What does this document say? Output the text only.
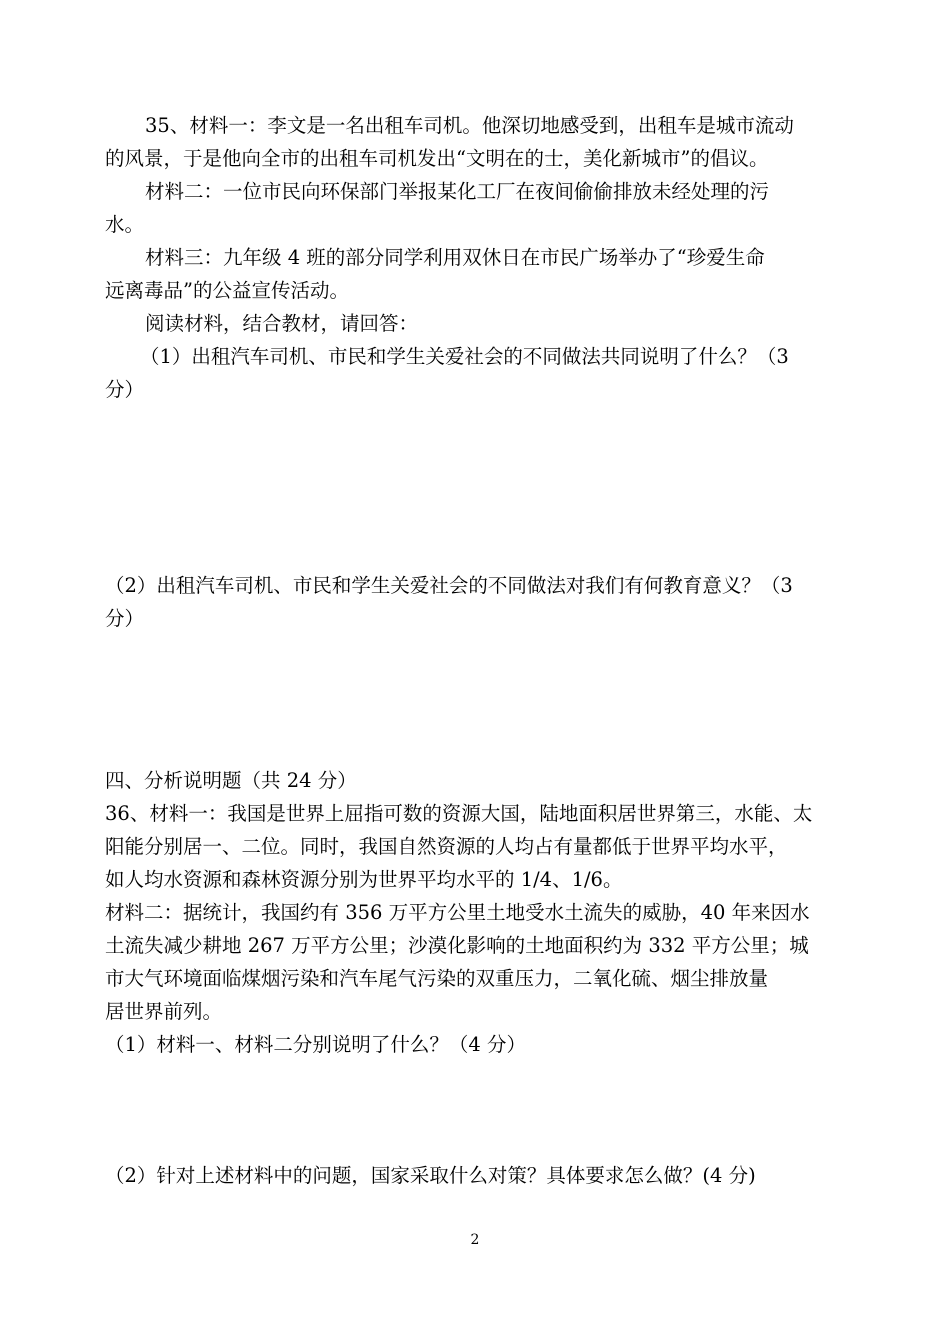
35、材料一：李文是一名出租车司机。他深切地感受到，出租车是城市流动
的风景，于是他向全市的出租车司机发出“文明在的士，美化新城市”的倡议。
材料二：一位市民向环保部门举报某化工厂在夜间偷偷排放未经处理的污
水。
材料三：九年级 4 班的部分同学利用双休日在市民广场举办了“珍爱生命
远离毒品”的公益宣传活动。
阅读材料，结合教材，请回答：
（1）出租汽车司机、市民和学生关爱社会的不同做法共同说明了什么？（3
分）
（2）出租汽车司机、市民和学生关爱社会的不同做法对我们有何教育意义？（3
分）
四、分析说明题（共 24 分）
36、材料一：我国是世界上屈指可数的资源大国，陆地面积居世界第三，水能、太
阳能分别居一、二位。同时，我国自然资源的人均占有量都低于世界平均水平，
如人均水资源和森林资源分别为世界平均水平的 1/4、1/6。
材料二：据统计，我国约有 356 万平方公里土地受水土流失的威胁，40 年来因水
土流失减少耕地 267 万平方公里；沙漠化影响的土地面积约为 332 平方公里；城
市大气环境面临煤烟污染和汽车尾气污染的双重压力，二氧化硫、烟尘排放量
居世界前列。
（1）材料一、材料二分别说明了什么？（4 分）
（2）针对上述材料中的问题，国家采取什么对策？具体要求怎么做？(4 分)
2
